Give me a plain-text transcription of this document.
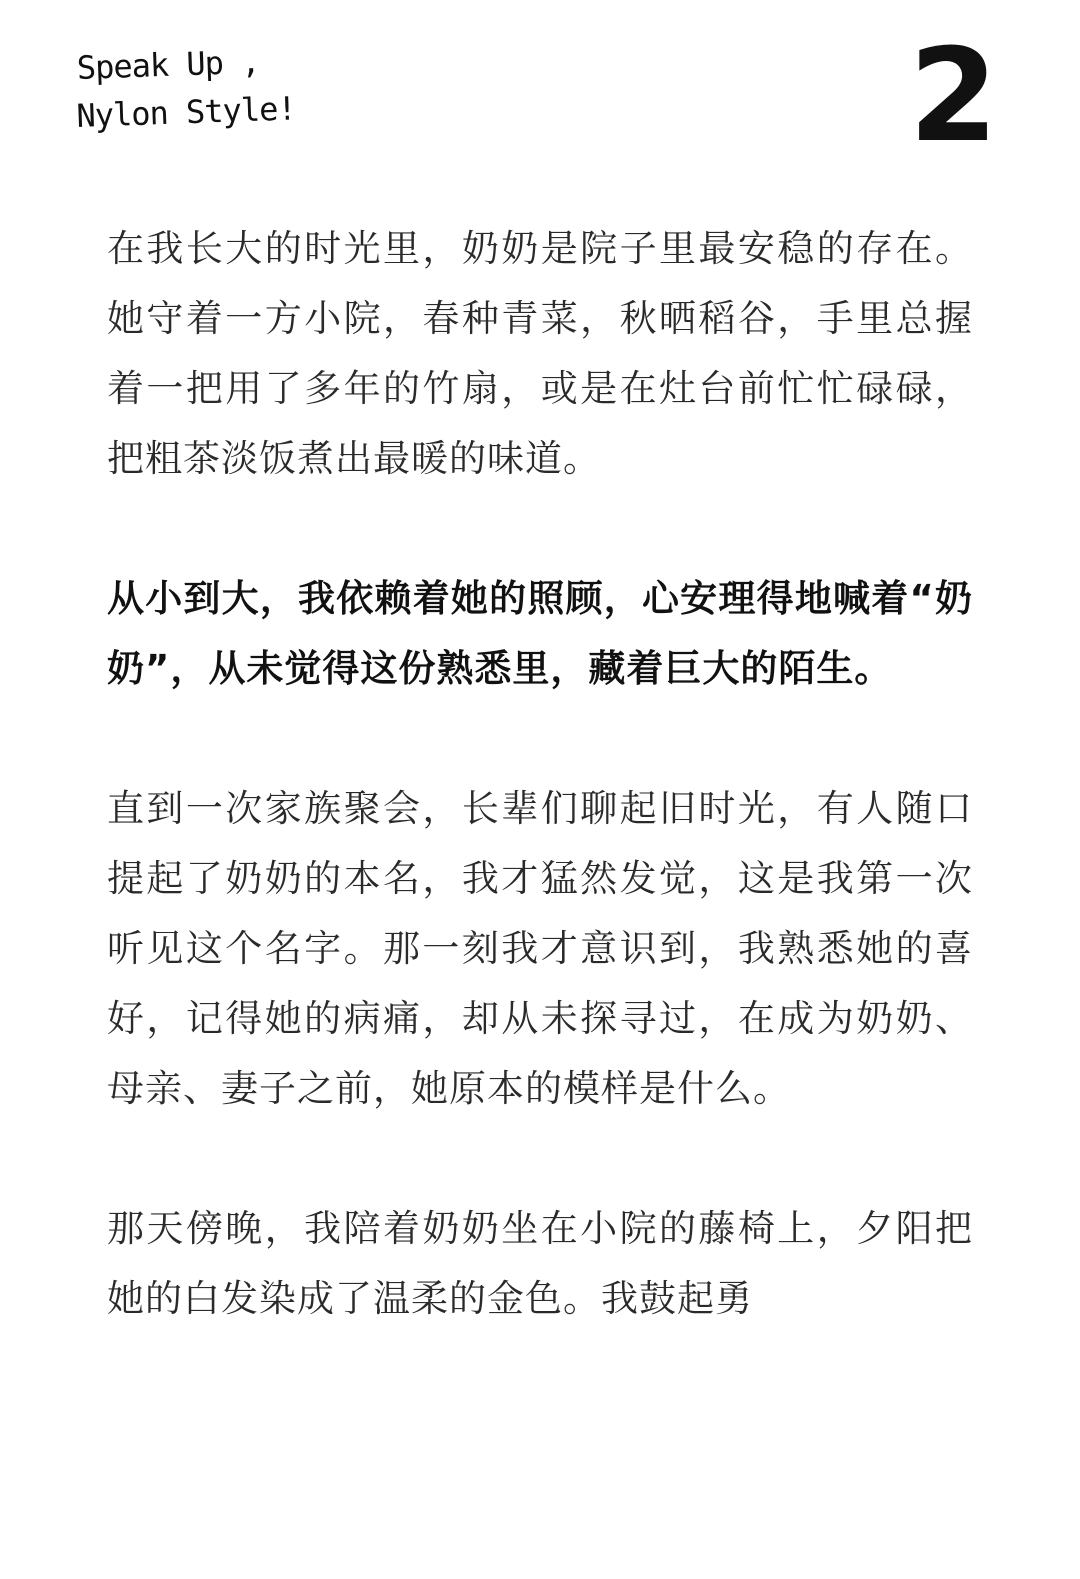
Speak Up ,
Nylon Style!	2

在我长大的时光里，奶奶是院子里最安稳的存在。她守着一方小院，春种青菜，秋晒稻谷，手里总握着一把用了多年的竹扇，或是在灶台前忙忙碌碌，把粗茶淡饭煮出最暖的味道。

从小到大，我依赖着她的照顾，心安理得地喊着“奶奶”，从未觉得这份熟悉里，藏着巨大的陌生。

直到一次家族聚会，长辈们聊起旧时光，有人随口提起了奶奶的本名，我才猛然发觉，这是我第一次听见这个名字。那一刻我才意识到，我熟悉她的喜好，记得她的病痛，却从未探寻过，在成为奶奶、母亲、妻子之前，她原本的模样是什么。

那天傍晚，我陪着奶奶坐在小院的藤椅上，夕阳把她的白发染成了温柔的金色。我鼓起勇
